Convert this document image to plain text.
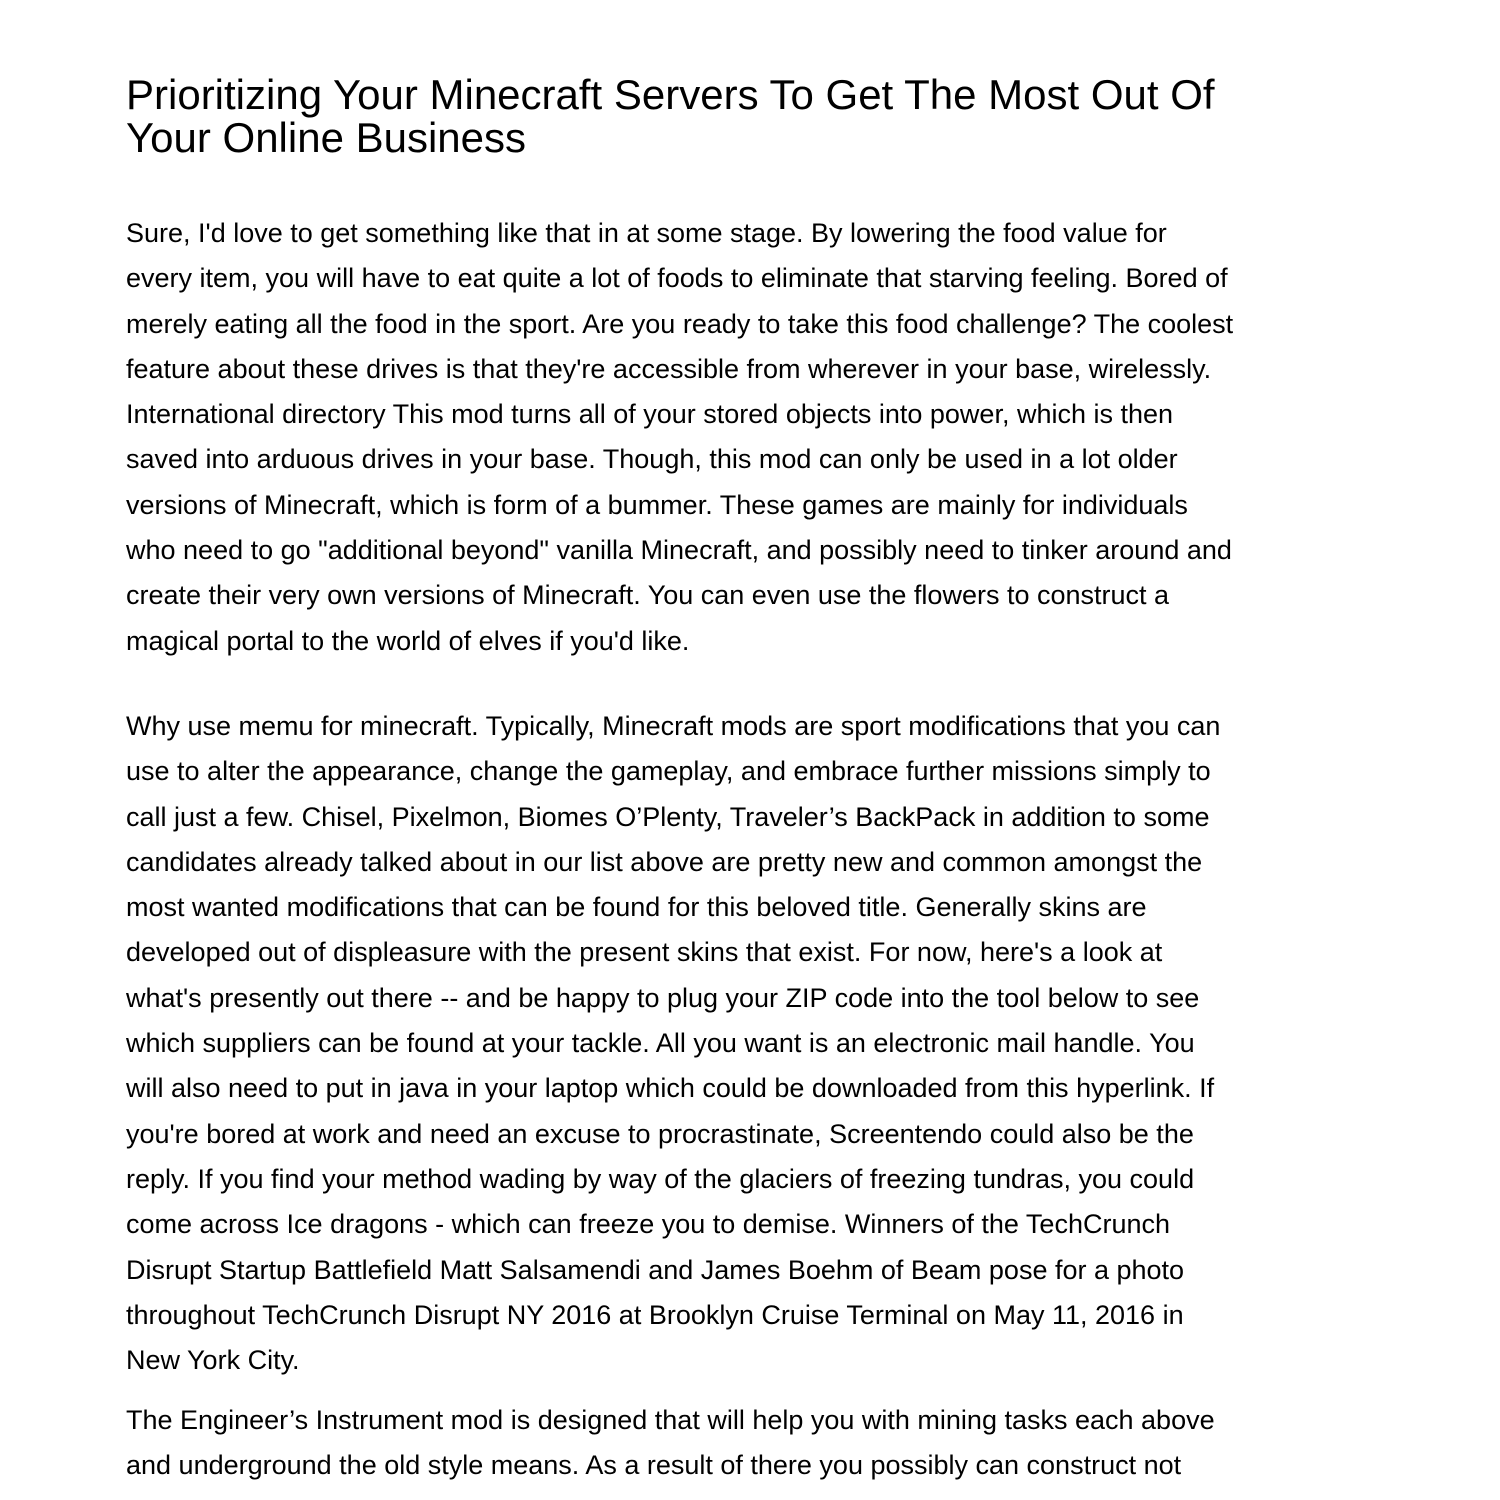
Prioritizing Your Minecraft Servers To Get The Most Out Of
Your Online Business
Sure, I'd love to get something like that in at some stage. By lowering the food value for
every item, you will have to eat quite a lot of foods to eliminate that starving feeling. Bored of
merely eating all the food in the sport. Are you ready to take this food challenge? The coolest
feature about these drives is that they're accessible from wherever in your base, wirelessly.
International directory This mod turns all of your stored objects into power, which is then
saved into arduous drives in your base. Though, this mod can only be used in a lot older
versions of Minecraft, which is form of a bummer. These games are mainly for individuals
who need to go "additional beyond" vanilla Minecraft, and possibly need to tinker around and
create their very own versions of Minecraft. You can even use the flowers to construct a
magical portal to the world of elves if you'd like.
Why use memu for minecraft. Typically, Minecraft mods are sport modifications that you can
use to alter the appearance, change the gameplay, and embrace further missions simply to
call just a few. Chisel, Pixelmon, Biomes O’Plenty, Traveler’s BackPack in addition to some
candidates already talked about in our list above are pretty new and common amongst the
most wanted modifications that can be found for this beloved title. Generally skins are
developed out of displeasure with the present skins that exist. For now, here's a look at
what's presently out there -- and be happy to plug your ZIP code into the tool below to see
which suppliers can be found at your tackle. All you want is an electronic mail handle. You
will also need to put in java in your laptop which could be downloaded from this hyperlink. If
you're bored at work and need an excuse to procrastinate, Screentendo could also be the
reply. If you find your method wading by way of the glaciers of freezing tundras, you could
come across Ice dragons - which can freeze you to demise. Winners of the TechCrunch
Disrupt Startup Battlefield Matt Salsamendi and James Boehm of Beam pose for a photo
throughout TechCrunch Disrupt NY 2016 at Brooklyn Cruise Terminal on May 11, 2016 in
New York City.
The Engineer’s Instrument mod is designed that will help you with mining tasks each above
and underground the old style means. As a result of there you possibly can construct not
